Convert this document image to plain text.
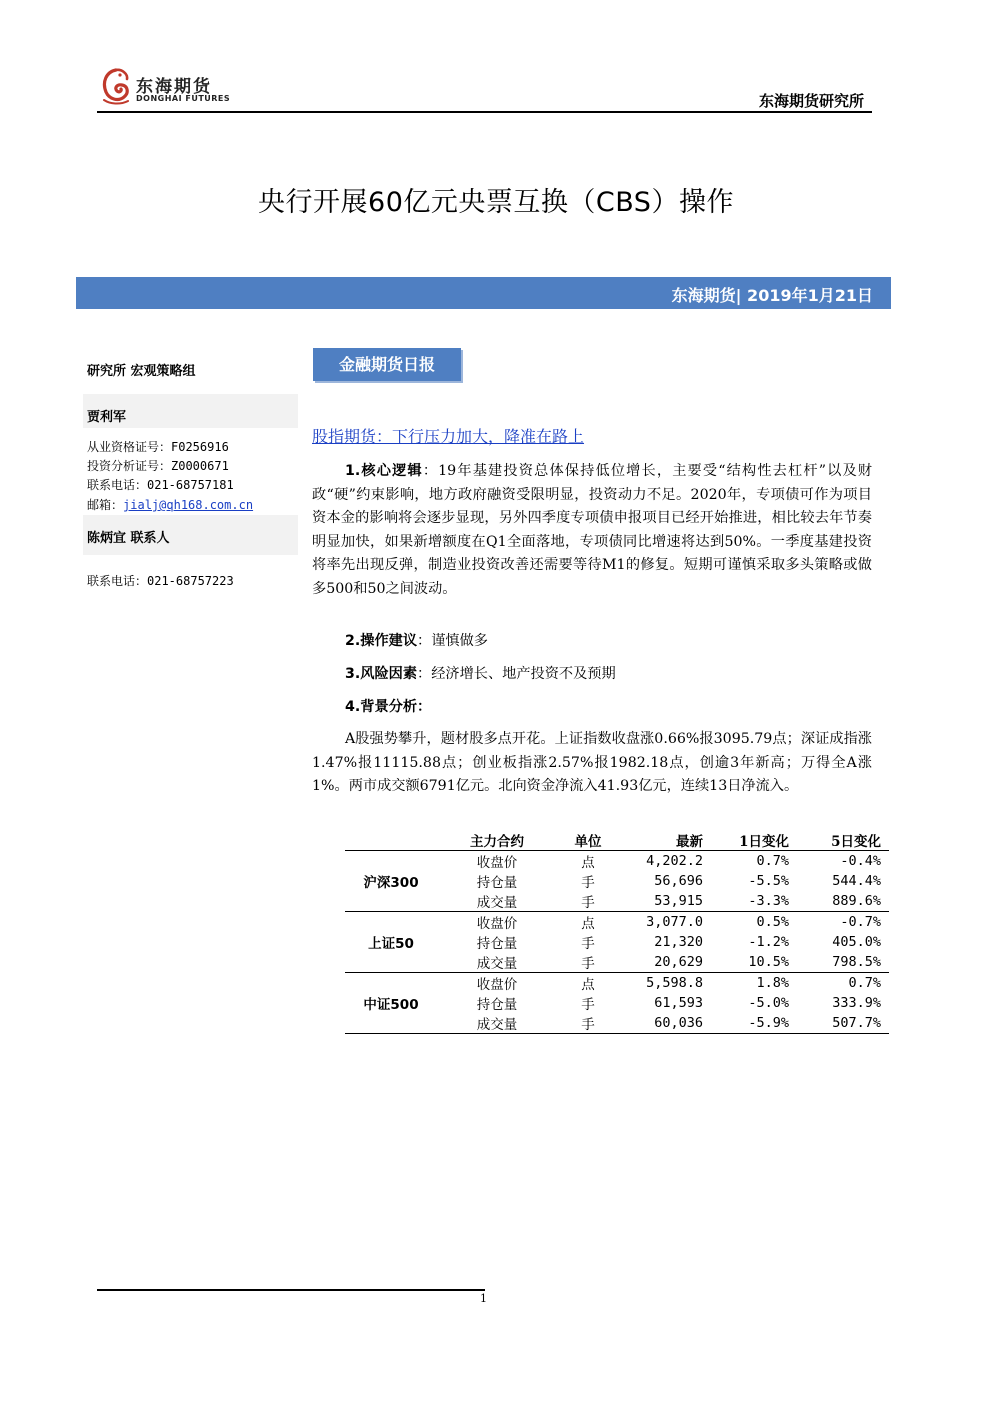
东海期货
DONGHAI FUTURES	东海期货研究所
央行开展60亿元央票互换（CBS）操作
东海期货| 2019年1月21日
研究所 宏观策略组
贾利军
从业资格证号：F0256916
投资分析证号：Z0000671
联系电话：021-68757181
邮箱：jialj@qh168.com.cn
陈炳宜 联系人
联系电话：021-68757223
金融期货日报
股指期货：下行压力加大，降准在路上
1.核心逻辑：19年基建投资总体保持低位增长，主要受“结构性去杠杆”以及财政“硬”约束影响，地方政府融资受限明显，投资动力不足。2020年，专项债可作为项目资本金的影响将会逐步显现，另外四季度专项债申报项目已经开始推进，相比较去年节奏明显加快，如果新增额度在Q1全面落地，专项债同比增速将达到50%。一季度基建投资将率先出现反弹，制造业投资改善还需要等待M1的修复。短期可谨慎采取多头策略或做多500和50之间波动。
2.操作建议：谨慎做多
3.风险因素：经济增长、地产投资不及预期
4.背景分析：
A股强势攀升，题材股多点开花。上证指数收盘涨0.66%报3095.79点；深证成指涨1.47%报11115.88点；创业板指涨2.57%报1982.18点，创逾3年新高；万得全A涨1%。两市成交额6791亿元。北向资金净流入41.93亿元，连续13日净流入。
	主力合约	单位	最新	1日变化	5日变化
沪深300	收盘价	点	4,202.2	0.7%	-0.4%
	持仓量	手	56,696	-5.5%	544.4%
	成交量	手	53,915	-3.3%	889.6%
上证50	收盘价	点	3,077.0	0.5%	-0.7%
	持仓量	手	21,320	-1.2%	405.0%
	成交量	手	20,629	10.5%	798.5%
中证500	收盘价	点	5,598.8	1.8%	0.7%
	持仓量	手	61,593	-5.0%	333.9%
	成交量	手	60,036	-5.9%	507.7%
1
